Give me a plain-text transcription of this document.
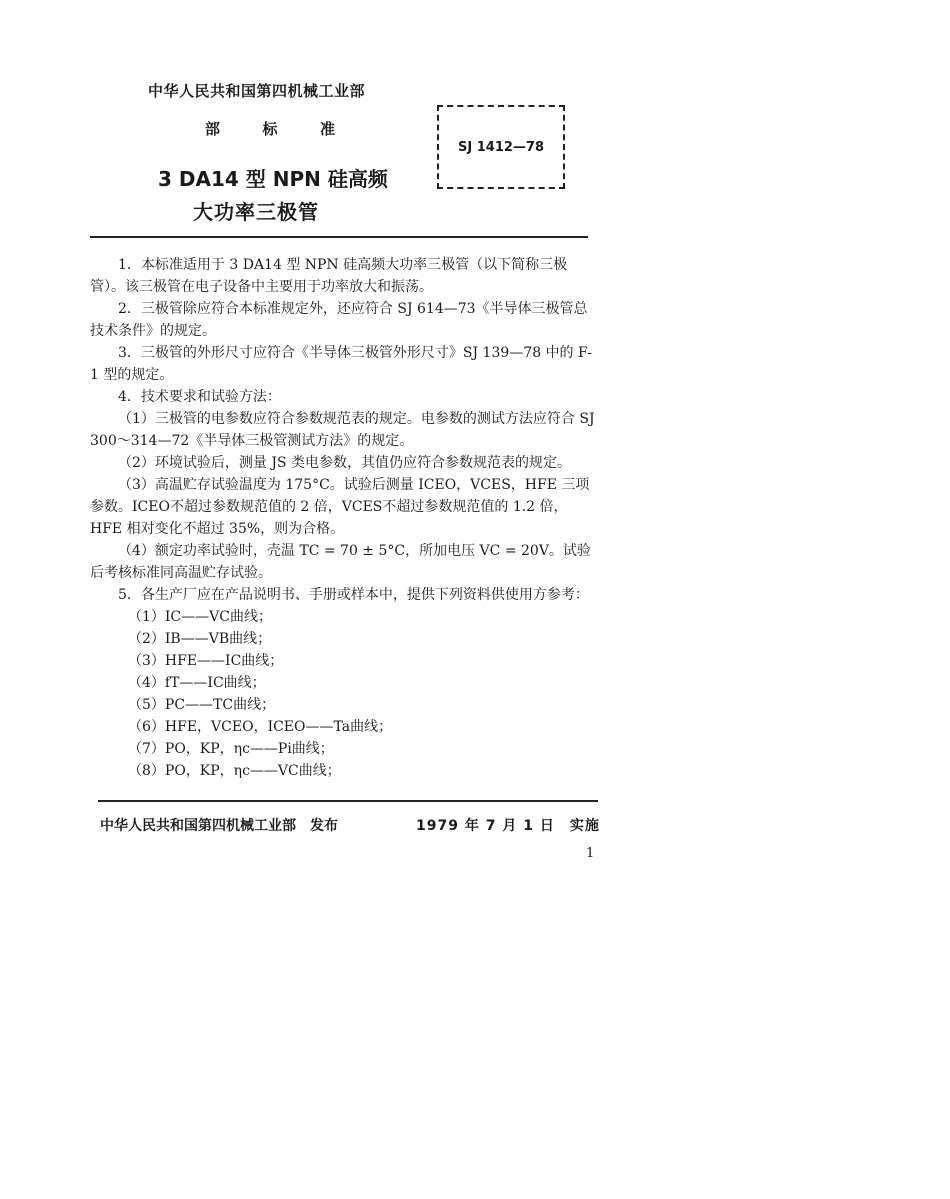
中华人民共和国第四机械工业部
部	标	准
3 DA14 型 NPN 硅高频
大功率三极管
SJ 1412—78

1．本标准适用于 3 DA14 型 NPN 硅高频大功率三极管（以下简称三极管）。该三极管在电子设备中主要用于功率放大和振荡。

2．三极管除应符合本标准规定外，还应符合 SJ 614—73《半导体三极管总技术条件》的规定。

3．三极管的外形尺寸应符合《半导体三极管外形尺寸》SJ 139—78 中的 F-1 型的规定。

4．技术要求和试验方法：

（1）三极管的电参数应符合参数规范表的规定。电参数的测试方法应符合 SJ 300～314—72《半导体三极管测试方法》的规定。

（2）环境试验后，测量 JS 类电参数，其值仍应符合参数规范表的规定。

（3）高温贮存试验温度为 175°C。试验后测量 ICEO，VCES，HFE 三项参数。ICEO不超过参数规范值的 2 倍，VCES不超过参数规范值的 1.2 倍，HFE 相对变化不超过 35%，则为合格。

（4）额定功率试验时，壳温 TC = 70 ± 5°C，所加电压 VC = 20V。试验后考核标准同高温贮存试验。

5．各生产厂应在产品说明书、手册或样本中，提供下列资料供使用方参考：

（1）IC——VC曲线；

（2）IB——VB曲线；

（3）HFE——IC曲线；

（4）fT——IC曲线；

（5）PC——TC曲线；

（6）HFE，VCEO，ICEO——Ta曲线；

（7）PO，KP，ηc——Pi曲线；

（8）PO，KP，ηc——VC曲线；

中华人民共和国第四机械工业部　发布	1979 年 7 月 1 日　实施
1
